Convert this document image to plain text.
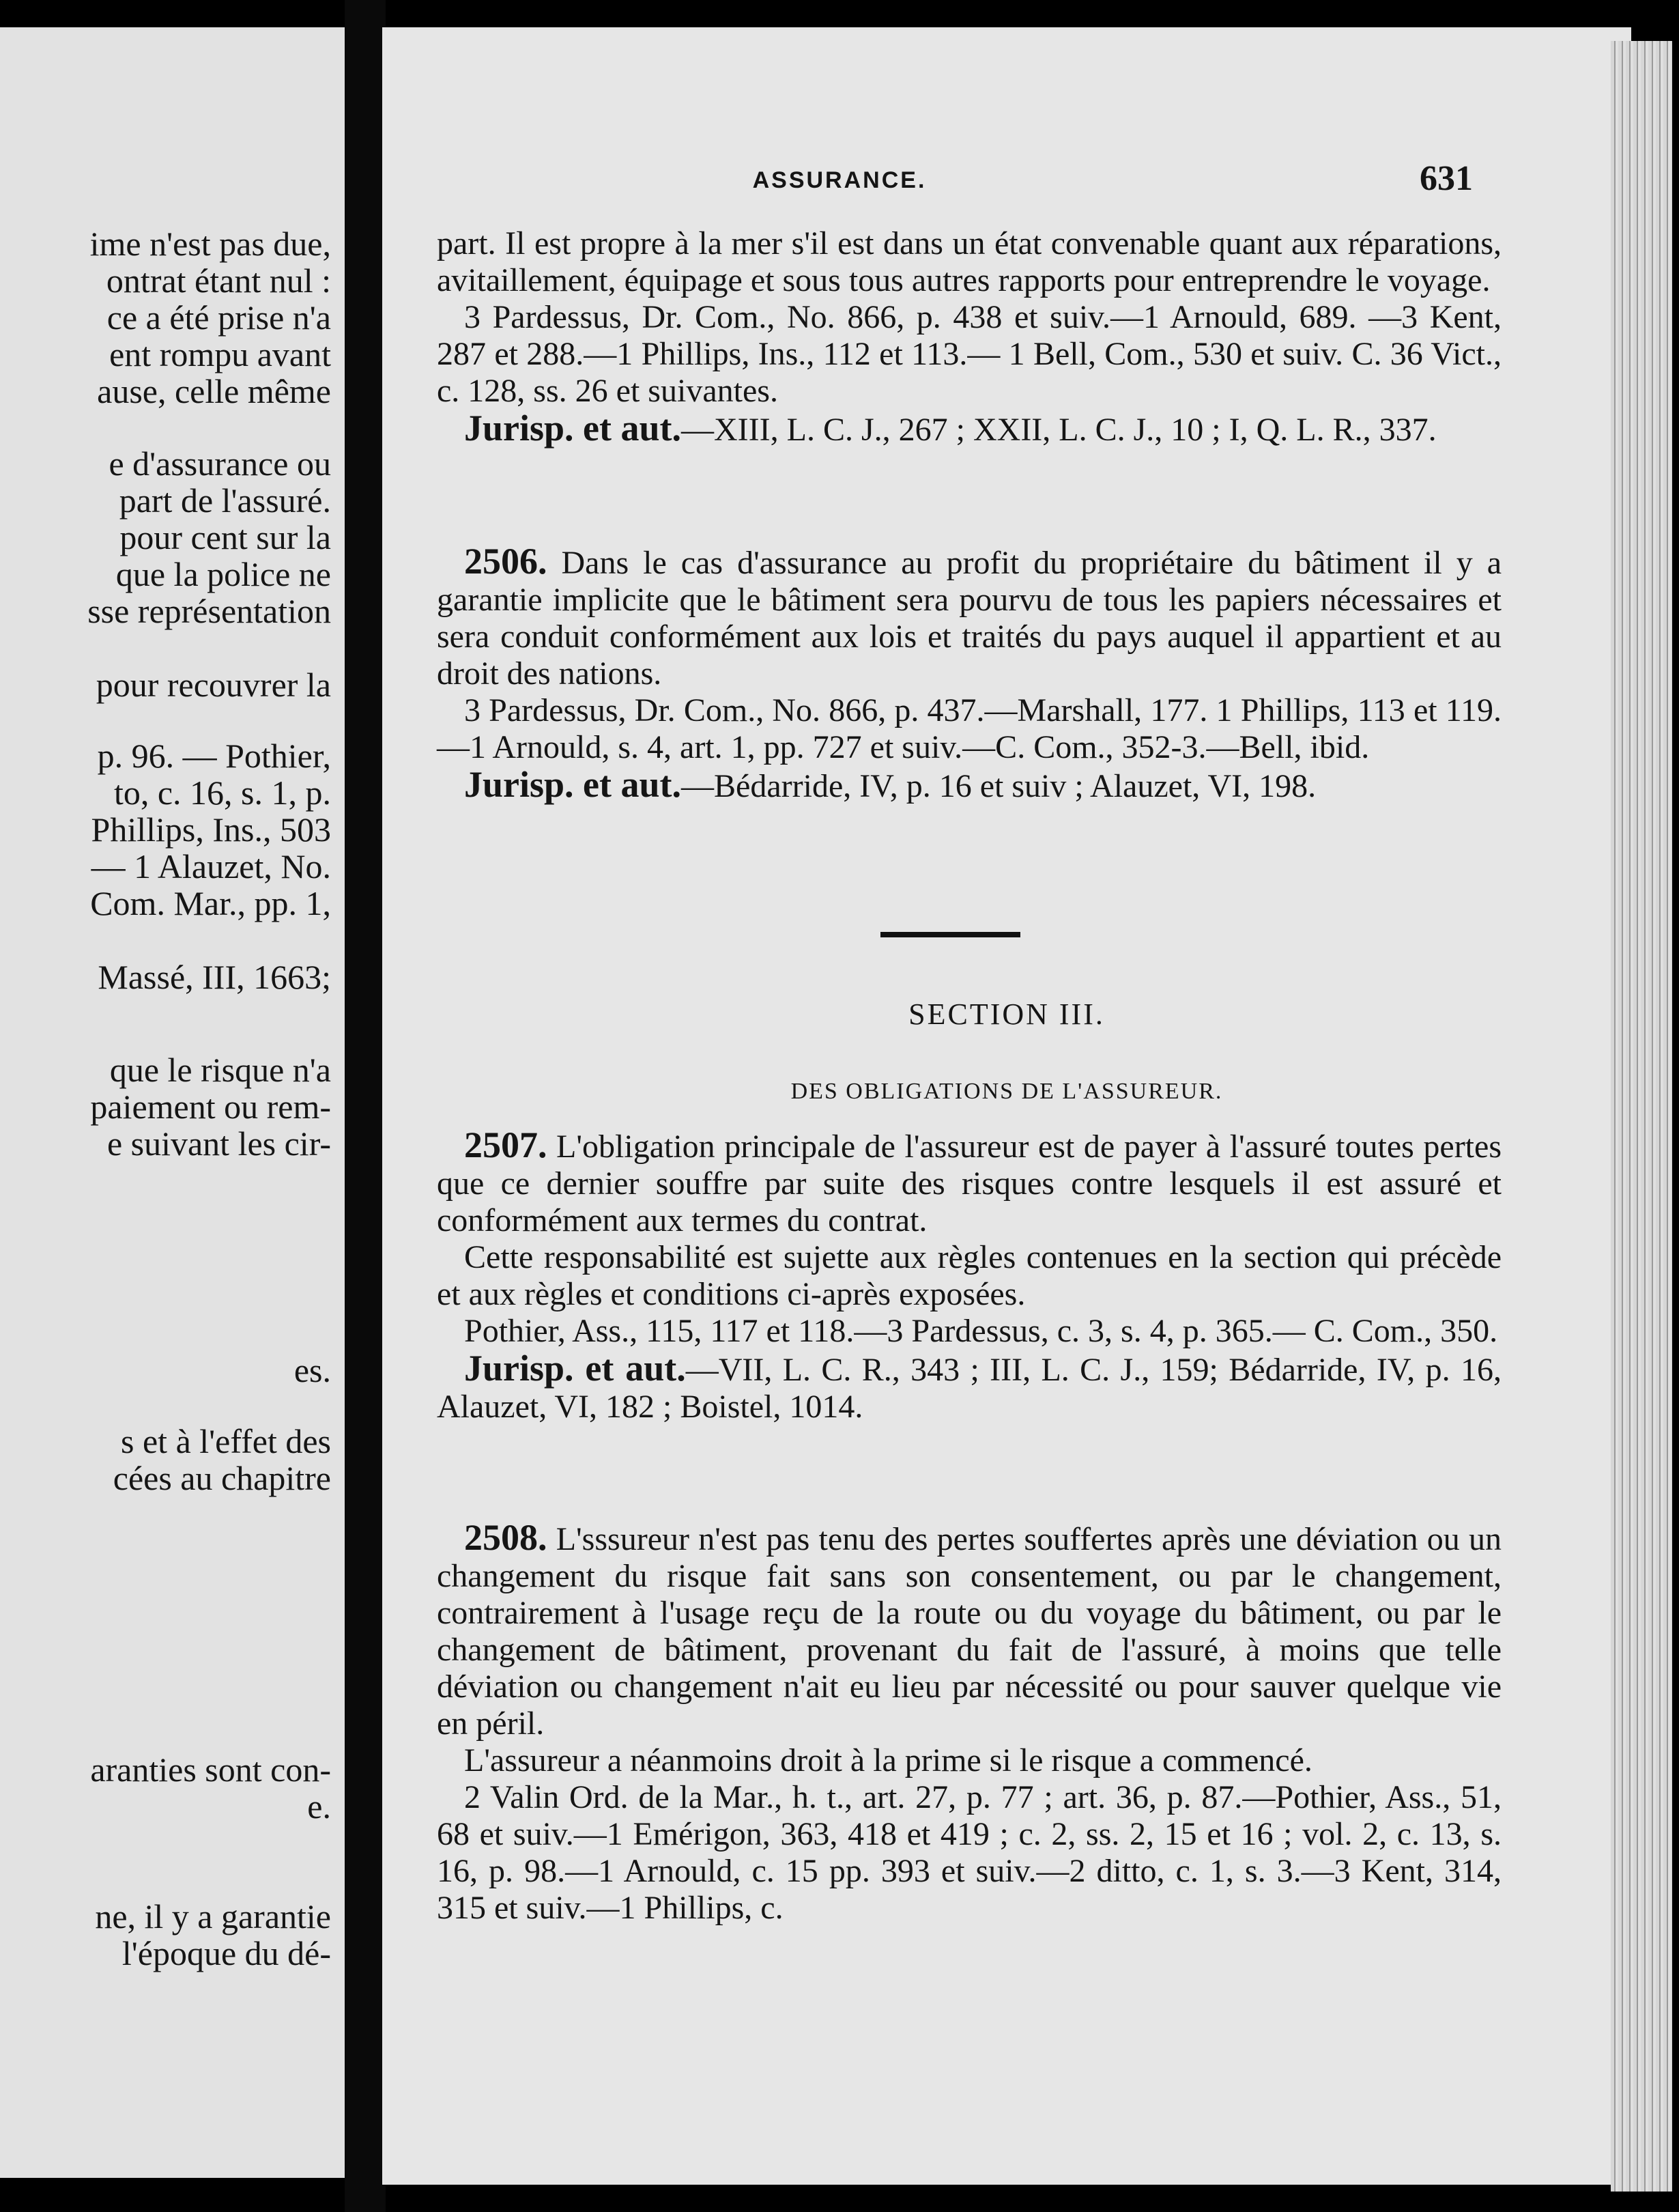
ime n'est pas due,
ontrat étant nul :
ce a été prise n'a
ent rompu avant
ause, celle même
e d'assurance ou
part de l'assuré.
pour cent sur la
que la police ne
sse représentation
pour recouvrer la
p. 96. — Pothier,
to, c. 16, s. 1, p.
Phillips, Ins., 503
— 1 Alauzet, No.
Com. Mar., pp. 1,
Massé, III, 1663;
que le risque n'a
paiement ou rem-
e suivant les cir-
es.
s et à l'effet des
cées au chapitre
aranties sont con-
e.
ne, il y a garantie
l'époque du dé-
ASSURANCE.	631

part. Il est propre à la mer s'il est dans un état convenable quant aux réparations, avitaillement, équipage et sous tous autres rapports pour entreprendre le voyage.

3 Pardessus, Dr. Com., No. 866, p. 438 et suiv.—1 Arnould, 689. —3 Kent, 287 et 288.—1 Phillips, Ins., 112 et 113.— 1 Bell, Com., 530 et suiv. C. 36 Vict., c. 128, ss. 26 et suivantes.

Jurisp. et aut.—XIII, L. C. J., 267 ; XXII, L. C. J., 10 ; I, Q. L. R., 337.

2506. Dans le cas d'assurance au profit du propriétaire du bâtiment il y a garantie implicite que le bâtiment sera pourvu de tous les papiers nécessaires et sera conduit conformément aux lois et traités du pays auquel il appartient et au droit des nations.

3 Pardessus, Dr. Com., No. 866, p. 437.—Marshall, 177. 1 Phillips, 113 et 119.—1 Arnould, s. 4, art. 1, pp. 727 et suiv.—C. Com., 352-3.—Bell, ibid.

Jurisp. et aut.—Bédarride, IV, p. 16 et suiv ; Alauzet, VI, 198.

SECTION III.
DES OBLIGATIONS DE L'ASSUREUR.

2507. L'obligation principale de l'assureur est de payer à l'assuré toutes pertes que ce dernier souffre par suite des risques contre lesquels il est assuré et conformément aux termes du contrat.

Cette responsabilité est sujette aux règles contenues en la section qui précède et aux règles et conditions ci-après exposées.

Pothier, Ass., 115, 117 et 118.—3 Pardessus, c. 3, s. 4, p. 365.— C. Com., 350.

Jurisp. et aut.—VII, L. C. R., 343 ; III, L. C. J., 159; Bédarride, IV, p. 16, Alauzet, VI, 182 ; Boistel, 1014.

2508. L'sssureur n'est pas tenu des pertes souffertes après une déviation ou un changement du risque fait sans son consentement, ou par le changement, contrairement à l'usage reçu de la route ou du voyage du bâtiment, ou par le changement de bâtiment, provenant du fait de l'assuré, à moins que telle déviation ou changement n'ait eu lieu par nécessité ou pour sauver quelque vie en péril.

L'assureur a néanmoins droit à la prime si le risque a commencé.

2 Valin Ord. de la Mar., h. t., art. 27, p. 77 ; art. 36, p. 87.—Pothier, Ass., 51, 68 et suiv.—1 Emérigon, 363, 418 et 419 ; c. 2, ss. 2, 15 et 16 ; vol. 2, c. 13, s. 16, p. 98.—1 Arnould, c. 15 pp. 393 et suiv.—2 ditto, c. 1, s. 3.—3 Kent, 314, 315 et suiv.—1 Phillips, c.
